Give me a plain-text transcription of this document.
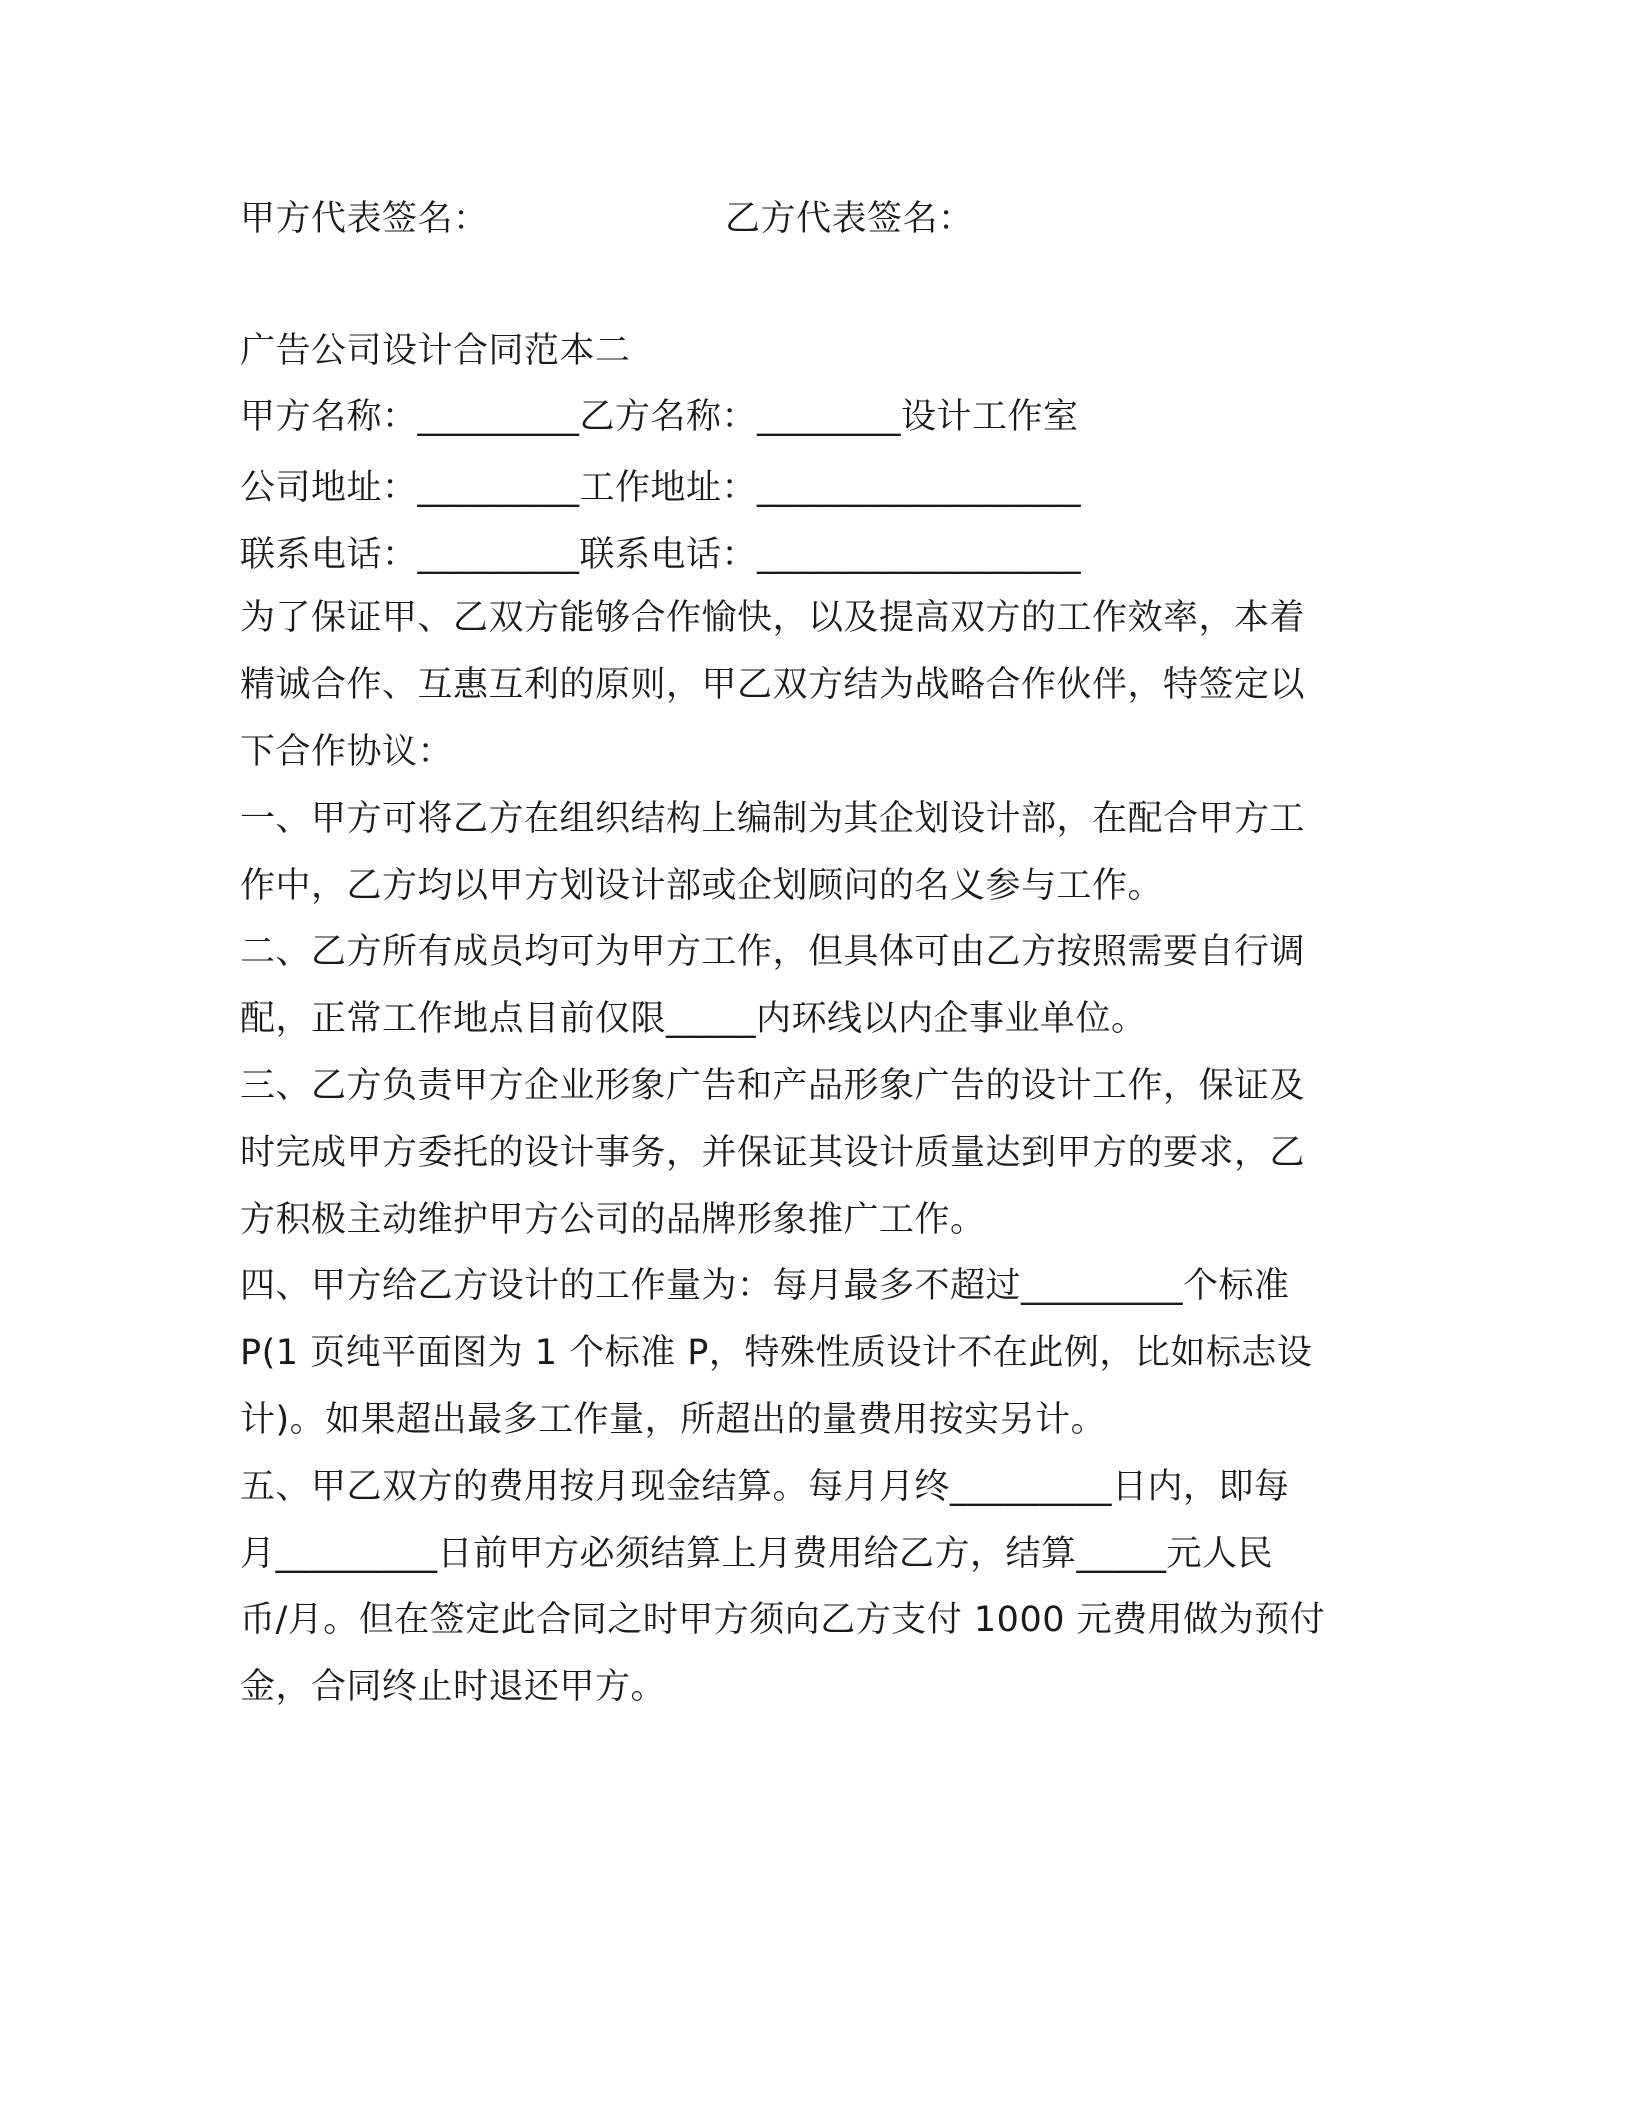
甲方代表签名：	乙方代表签名：
广告公司设计合同范本二
甲方名称：_________乙方名称：________设计工作室
公司地址：_________工作地址：__________________
联系电话：_________联系电话：__________________
为了保证甲、乙双方能够合作愉快，以及提高双方的工作效率，本着
精诚合作、互惠互利的原则，甲乙双方结为战略合作伙伴，特签定以
下合作协议：
一、甲方可将乙方在组织结构上编制为其企划设计部，在配合甲方工
作中，乙方均以甲方划设计部或企划顾问的名义参与工作。
二、乙方所有成员均可为甲方工作，但具体可由乙方按照需要自行调
配，正常工作地点目前仅限_____内环线以内企事业单位。
三、乙方负责甲方企业形象广告和产品形象广告的设计工作，保证及
时完成甲方委托的设计事务，并保证其设计质量达到甲方的要求，乙
方积极主动维护甲方公司的品牌形象推广工作。
四、甲方给乙方设计的工作量为：每月最多不超过_________个标准
P(1 页纯平面图为 1 个标准 P，特殊性质设计不在此例，比如标志设
计)。如果超出最多工作量，所超出的量费用按实另计。
五、甲乙双方的费用按月现金结算。每月月终_________日内，即每
月_________日前甲方必须结算上月费用给乙方，结算_____元人民
币/月。但在签定此合同之时甲方须向乙方支付 1000 元费用做为预付
金，合同终止时退还甲方。
